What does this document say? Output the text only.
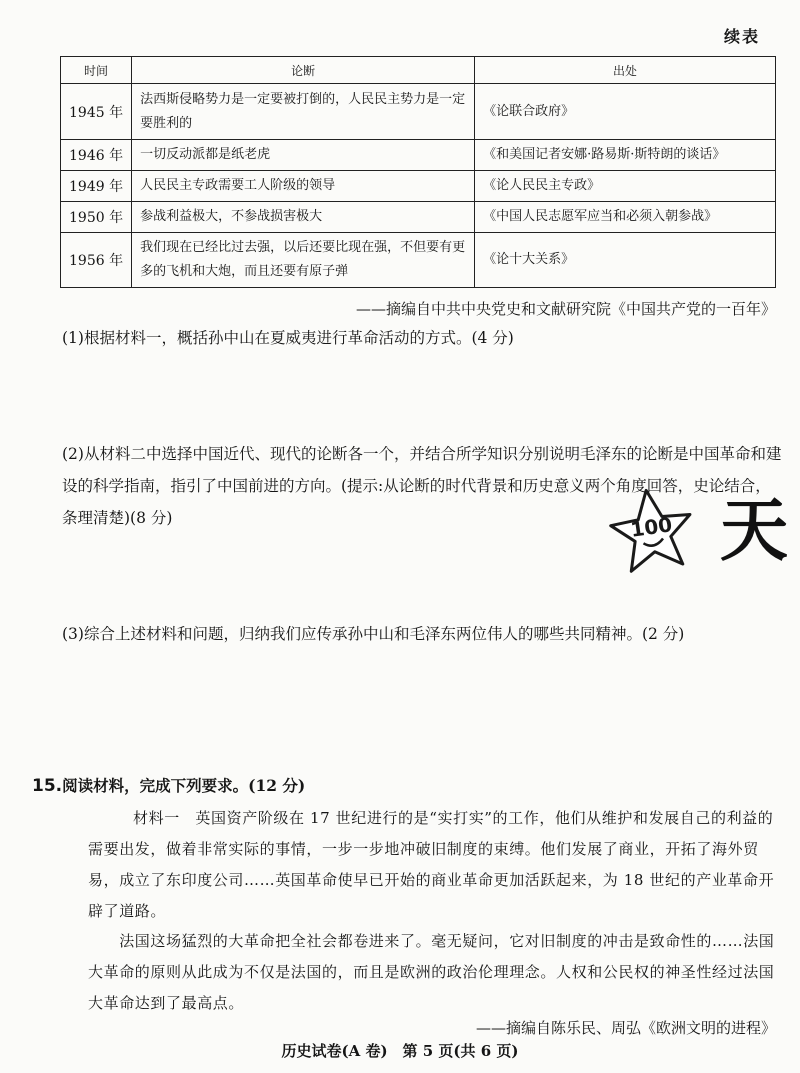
续表
时间	论断	出处
1945 年	法西斯侵略势力是一定要被打倒的，人民民主势力是一定要胜利的	《论联合政府》
1946 年	一切反动派都是纸老虎	《和美国记者安娜·路易斯·斯特朗的谈话》
1949 年	人民民主专政需要工人阶级的领导	《论人民民主专政》
1950 年	参战利益极大，不参战损害极大	《中国人民志愿军应当和必须入朝参战》
1956 年	我们现在已经比过去强，以后还要比现在强，不但要有更多的飞机和大炮，而且还要有原子弹	《论十大关系》
——摘编自中共中央党史和文献研究院《中国共产党的一百年》
(1)根据材料一，概括孙中山在夏威夷进行革命活动的方式。(4 分)
(2)从材料二中选择中国近代、现代的论断各一个，并结合所学知识分别说明毛泽东的论断是中国革命和建设的科学指南，指引了中国前进的方向。(提示:从论断的时代背景和历史意义两个角度回答，史论结合，条理清楚)(8 分)
(3)综合上述材料和问题，归纳我们应传承孙中山和毛泽东两位伟人的哪些共同精神。(2 分)
15.阅读材料，完成下列要求。(12 分)
材料一　英国资产阶级在 17 世纪进行的是“实打实”的工作，他们从维护和发展自己的利益的需要出发，做着非常实际的事情，一步一步地冲破旧制度的束缚。他们发展了商业，开拓了海外贸易，成立了东印度公司……英国革命使早已开始的商业革命更加活跃起来，为 18 世纪的产业革命开辟了道路。
　　法国这场猛烈的大革命把全社会都卷进来了。毫无疑问，它对旧制度的冲击是致命性的……法国大革命的原则从此成为不仅是法国的，而且是欧洲的政治伦理理念。人权和公民权的神圣性经过法国大革命达到了最高点。
——摘编自陈乐民、周弘《欧洲文明的进程》
历史试卷(A 卷)　第 5 页(共 6 页)
100 天
